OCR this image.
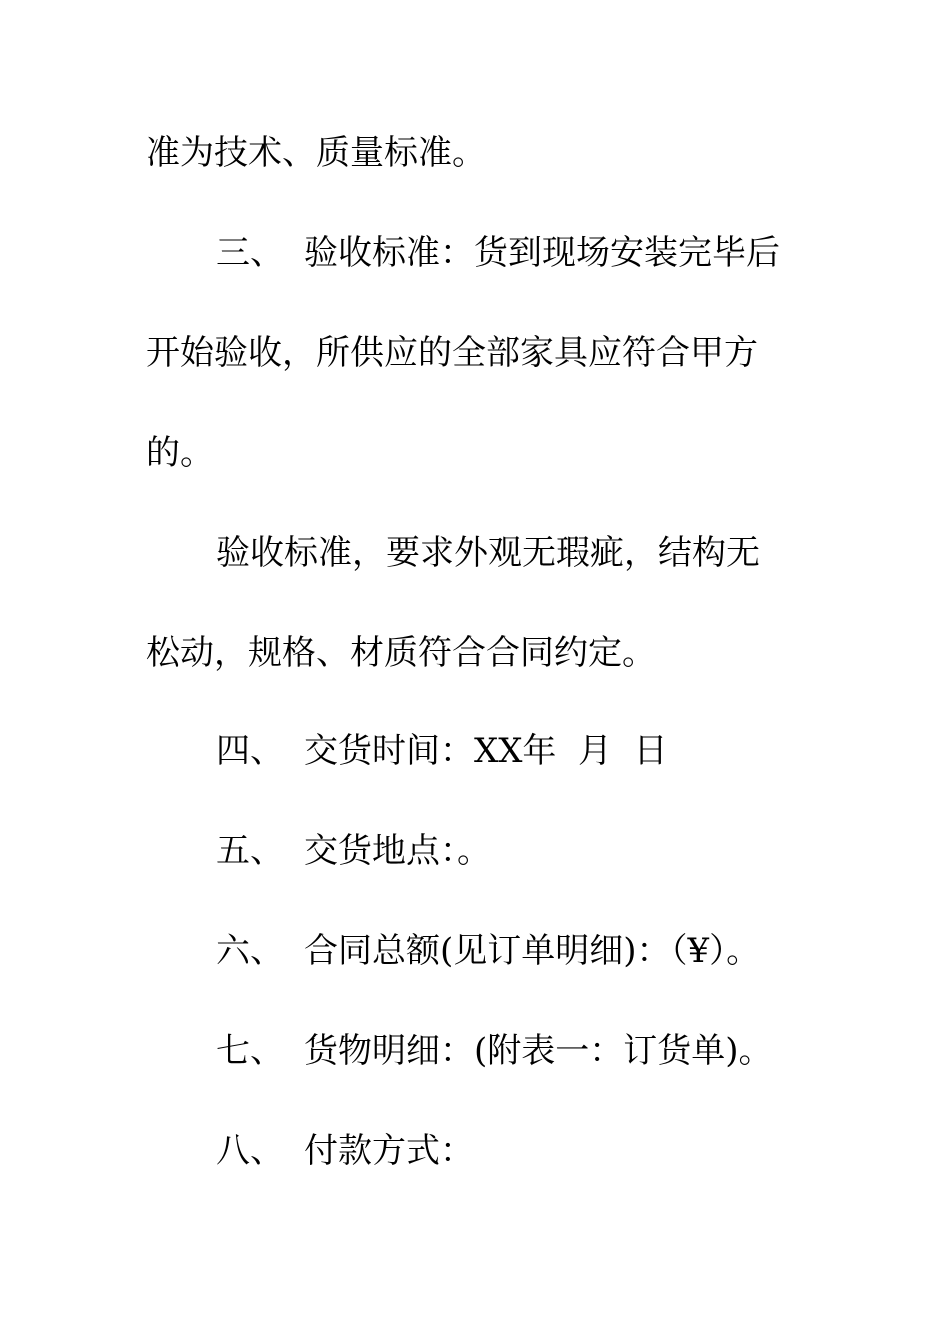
准为技术、质量标准。
三、 验收标准：货到现场安装完毕后
开始验收，所供应的全部家具应符合甲方
的。
验收标准，要求外观无瑕疵，结构无
松动，规格、材质符合合同约定。
四、 交货时间：XX年  月  日
五、 交货地点：。
六、 合同总额(见订单明细)：（¥）。
七、 货物明细：(附表一：订货单)。
八、 付款方式：
